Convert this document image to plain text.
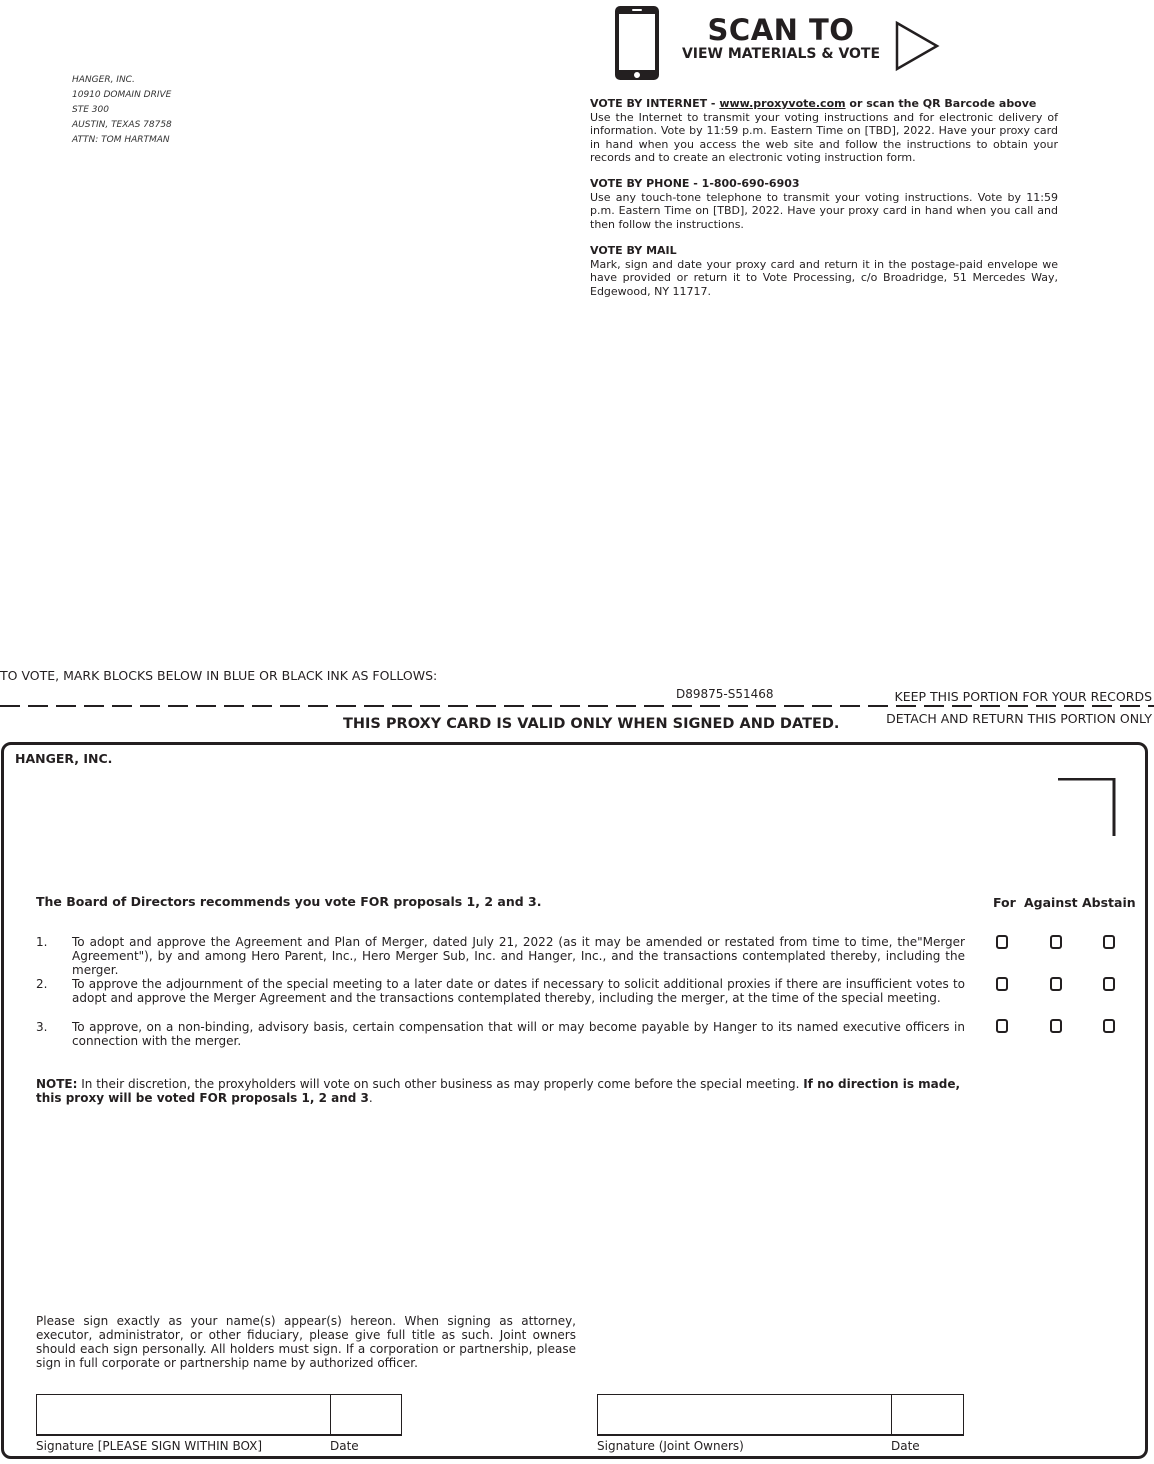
HANGER, INC.
10910 DOMAIN DRIVE
STE 300
AUSTIN, TEXAS 78758
ATTN: TOM HARTMAN
SCAN TO
VIEW MATERIALS & VOTE
VOTE BY INTERNET - www.proxyvote.com or scan the QR Barcode above
Use the Internet to transmit your voting instructions and for electronic delivery of information. Vote by 11:59 p.m. Eastern Time on [TBD], 2022. Have your proxy card in hand when you access the web site and follow the instructions to obtain your records and to create an electronic voting instruction form.
VOTE BY PHONE - 1-800-690-6903
Use any touch-tone telephone to transmit your voting instructions. Vote by 11:59 p.m. Eastern Time on [TBD], 2022. Have your proxy card in hand when you call and then follow the instructions.
VOTE BY MAIL
Mark, sign and date your proxy card and return it in the postage-paid envelope we have provided or return it to Vote Processing, c/o Broadridge, 51 Mercedes Way, Edgewood, NY 11717.
TO VOTE, MARK BLOCKS BELOW IN BLUE OR BLACK INK AS FOLLOWS:
D89875-S51468	KEEP THIS PORTION FOR YOUR RECORDS
DETACH AND RETURN THIS PORTION ONLY
THIS PROXY CARD IS VALID ONLY WHEN SIGNED AND DATED.
HANGER, INC.
The Board of Directors recommends you vote FOR proposals 1, 2 and 3.	For Against Abstain
1. To adopt and approve the Agreement and Plan of Merger, dated July 21, 2022 (as it may be amended or restated from time to time, the"Merger Agreement"), by and among Hero Parent, Inc., Hero Merger Sub, Inc. and Hanger, Inc., and the transactions contemplated thereby, including the merger.
2. To approve the adjournment of the special meeting to a later date or dates if necessary to solicit additional proxies if there are insufficient votes to adopt and approve the Merger Agreement and the transactions contemplated thereby, including the merger, at the time of the special meeting.
3. To approve, on a non-binding, advisory basis, certain compensation that will or may become payable by Hanger to its named executive officers in connection with the merger.
NOTE: In their discretion, the proxyholders will vote on such other business as may properly come before the special meeting. If no direction is made, this proxy will be voted FOR proposals 1, 2 and 3.
Please sign exactly as your name(s) appear(s) hereon. When signing as attorney, executor, administrator, or other fiduciary, please give full title as such. Joint owners should each sign personally. All holders must sign. If a corporation or partnership, please sign in full corporate or partnership name by authorized officer.
Signature [PLEASE SIGN WITHIN BOX]	Date	Signature (Joint Owners)	Date
